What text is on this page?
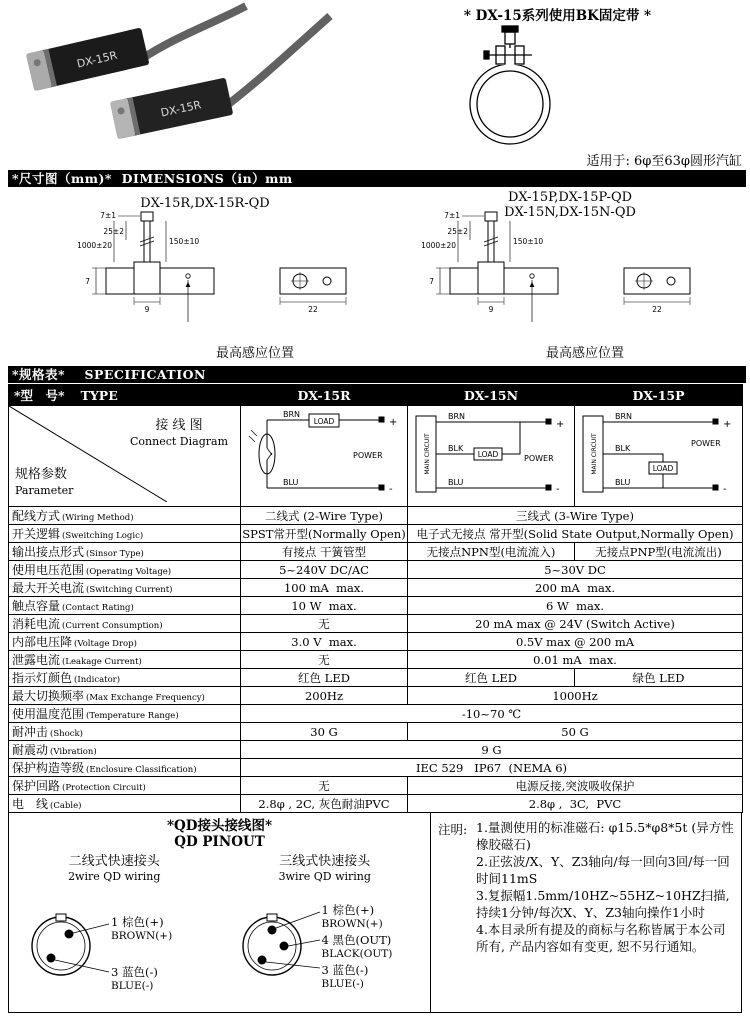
DX-15R
DX-15R
* DX-15系列使用BK固定带 *
适用于: 6φ至63φ圆形汽缸
*尺寸图（mm)*  DIMENSIONS（in）mm
DX-15R,DX-15R-QD	DX-15P,DX-15P-QD
DX-15N,DX-15N-QD
7±1
25±2
1000±20	150±10
7
9	22
7±1
25±2
1000±20	150±10
7
9	22
最高感应位置	最高感应位置
*规格表*    SPECIFICATION
*型　号* TYPE	DX-15R	DX-15N	DX-15P

接 线 图
Connect Diagram
规格参数
Parameter

BRN
LOAD	+
POWER
BLU
-

MAIN CIRCUIT
BRN
BLK
LOAD
+
POWER
BLU
-

MAIN CIRCUIT
BRN
BLK
LOAD
+
POWER
BLU
-

配线方式 (Wiring Method)	二线式 (2-Wire Type)	三线式 (3-Wire Type)	
开关逻辑 (Sweitching Logic)	SPST常开型(Normally Open)	电子式无接点 常开型(Solid State Output,Normally Open)	
输出接点形式 (Sinsor Type)	有接点 干簧管型	无接点NPN型(电流流入)	无接点PNP型(电流流出)
使用电压范围 (Operating Voltage)	5~240V DC/AC	5~30V DC	
最大开关电流 (Switching Current)	100 mA  max.	200 mA  max.	
触点容量 (Contact Rating)	10 W  max.	6 W  max.	
消耗电流 (Current Consumption)	无	20 mA max @ 24V (Switch Active)	
内部电压降 (Voltage Drop)	3.0 V  max.	0.5V max @ 200 mA	
泄露电流 (Leakage Current)	无	0.01 mA  max.	
指示灯颜色 (Indicator)	红色 LED	红色 LED	绿色 LED
最大切换频率 (Max Exchange Frequency)	200Hz	1000Hz	
使用温度范围 (Temperature Range)	-10~70 ℃		
耐冲击 (Shock)	30 G	50 G	
耐震动 (Vibration)	9 G		
保护构造等级 (Enclosure Classification)	IEC 529   IP67  (NEMA 6)		
保护回路 (Protection Circuit)	无	电源反接,突波吸收保护	
电　线 (Cable)	2.8φ , 2C, 灰色耐油PVC	2.8φ ,  3C,  PVC	
*QD接头接线图*
QD PINOUT
二线式快速接头
2wire QD wiring
1 棕色(+)
BROWN(+)
3 蓝色(-)
BLUE(-)
三线式快速接头
3wire QD wiring
1 棕色(+)
BROWN(+)
4 黑色(OUT)
BLACK(OUT)
3 蓝色(-)
BLUE(-)
注明: 1.量测使用的标准磁石: φ15.5*φ8*5t (异方性橡胶磁石)
2.正弦波/X、Y、Z3轴向/每一回向3回/每一回时间11mS
3.复振幅1.5mm/10HZ~55HZ~10HZ扫描, 持续1分钟/每次X、Y、Z3轴向操作1小时
4.本目录所有提及的商标与名称皆属于本公司所有, 产品内容如有变更, 恕不另行通知。
